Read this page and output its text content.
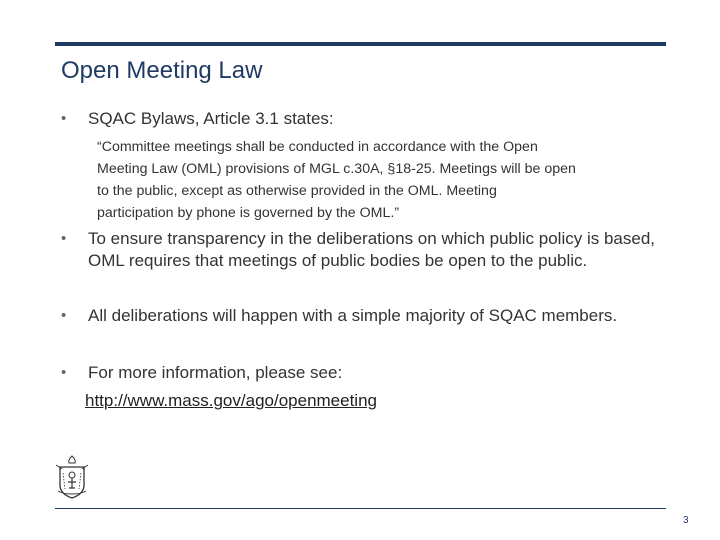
Open Meeting Law
• SQAC Bylaws, Article 3.1 states:
“Committee meetings shall be conducted in accordance with the Open
Meeting Law (OML) provisions of MGL c.30A, §18-25. Meetings will be open
to the public, except as otherwise provided in the OML. Meeting
participation by phone is governed by the OML.”
• To ensure transparency in the deliberations on which public policy is based, OML requires that meetings of public bodies be open to the public.
• All deliberations will happen with a simple majority of SQAC members.
• For more information, please see:
http://www.mass.gov/ago/openmeeting
3
